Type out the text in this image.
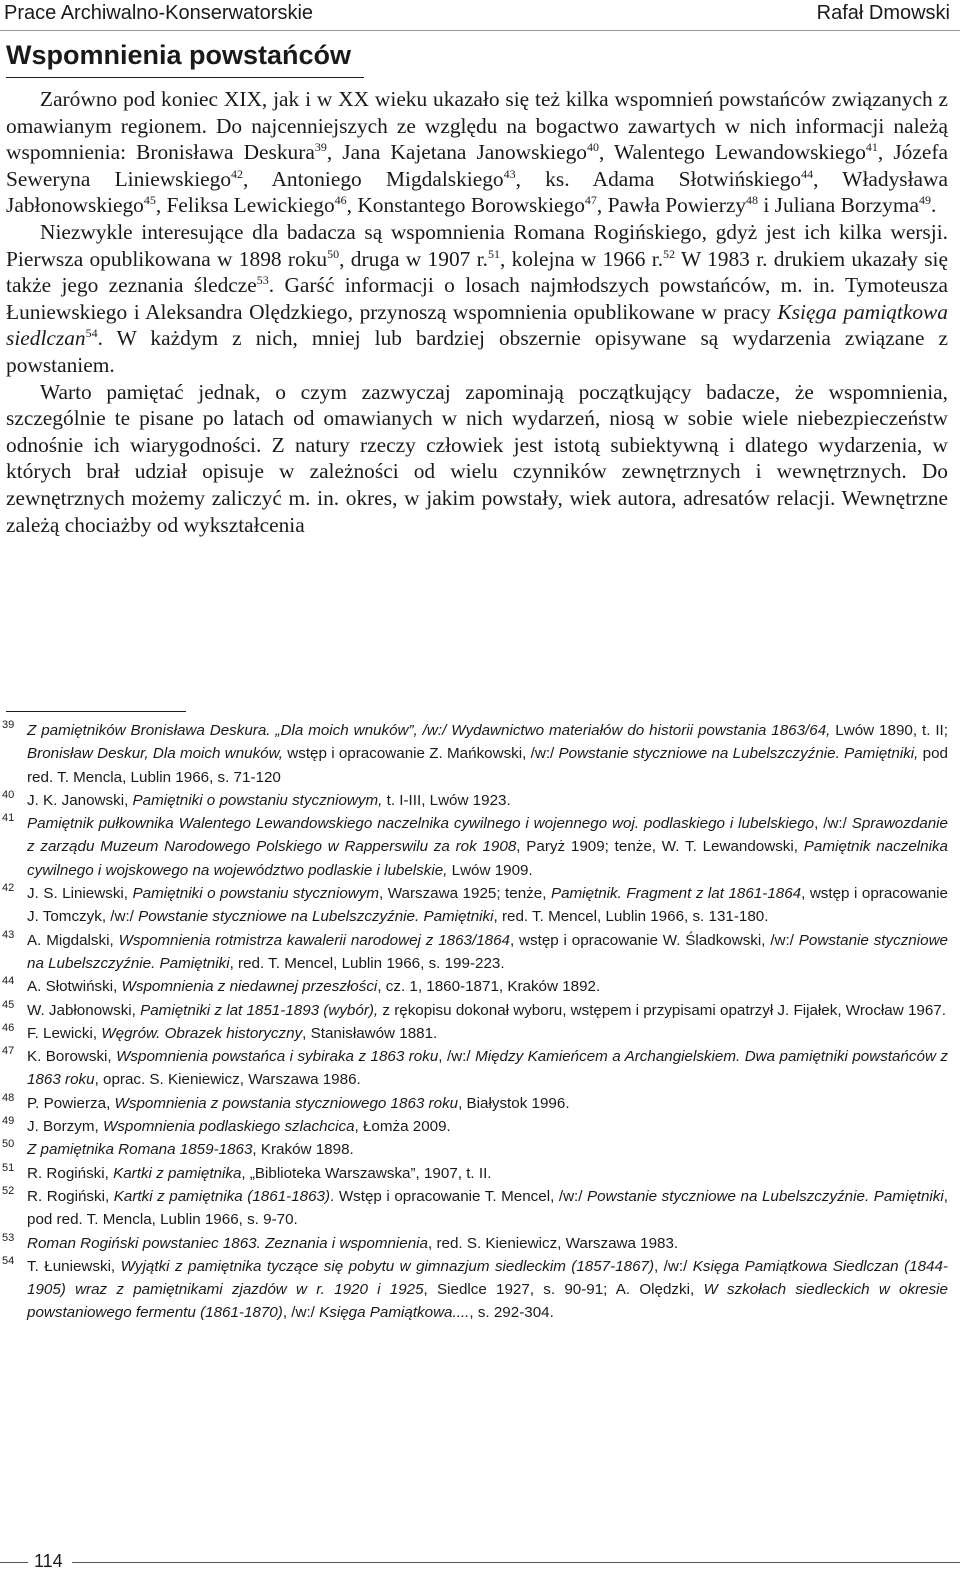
Prace Archiwalno-Konserwatorskie	Rafał Dmowski
Wspomnienia powstańców

Zarówno pod koniec XIX, jak i w XX wieku ukazało się też kilka wspomnień powstańców związanych z omawianym regionem. Do najcenniejszych ze względu na bogactwo zawartych w nich informacji należą wspomnienia: Bronisława Deskura$^{39}$, Jana Kajetana Janowskiego$^{40}$, Walentego Lewandowskiego$^{41}$, Józefa Seweryna Liniewskiego$^{42}$, Antoniego Migdalskiego$^{43}$, ks. Adama Słotwińskiego$^{44}$, Władysława Jabłonowskiego$^{45}$, Feliksa Lewickiego$^{46}$, Konstantego Borowskiego$^{47}$, Pawła Powierzy$^{48}$ i Juliana Borzyma$^{49}$.

Niezwykle interesujące dla badacza są wspomnienia Romana Rogińskiego, gdyż jest ich kilka wersji. Pierwsza opublikowana w 1898 roku$^{50}$, druga w 1907 r.$^{51}$, kolejna w 1966 r.$^{52}$ W 1983 r. drukiem ukazały się także jego zeznania śledcze$^{53}$. Garść informacji o losach najmłodszych powstańców, m. in. Tymoteusza Łuniewskiego i Aleksandra Olędzkiego, przynoszą wspomnienia opublikowane w pracy Księga pamiątkowa siedlczan$^{54}$. W każdym z nich, mniej lub bardziej obszernie opisywane są wydarzenia związane z powstaniem.

Warto pamiętać jednak, o czym zazwyczaj zapominają początkujący badacze, że wspomnienia, szczególnie te pisane po latach od omawianych w nich wydarzeń, niosą w sobie wiele niebezpieczeństw odnośnie ich wiarygodności. Z natury rzeczy człowiek jest istotą subiektywną i dlatego wydarzenia, w których brał udział opisuje w zależności od wielu czynników zewnętrznych i wewnętrznych. Do zewnętrznych możemy zaliczyć m. in. okres, w jakim powstały, wiek autora, adresatów relacji. Wewnętrzne zależą chociażby od wykształcenia

39 Z pamiętników Bronisława Deskura. „Dla moich wnuków”, /w:/ Wydawnictwo materiałów do historii powstania 1863/64, Lwów 1890, t. II; Bronisław Deskur, Dla moich wnuków, wstęp i opracowanie Z. Mańkowski, /w:/ Powstanie styczniowe na Lubelszczyźnie. Pamiętniki, pod red. T. Mencla, Lublin 1966, s. 71-120
40 J. K. Janowski, Pamiętniki o powstaniu styczniowym, t. I-III, Lwów 1923.
41 Pamiętnik pułkownika Walentego Lewandowskiego naczelnika cywilnego i wojennego woj. podlaskiego i lubelskiego, /w:/ Sprawozdanie z zarządu Muzeum Narodowego Polskiego w Rapperswilu za rok 1908, Paryż 1909; tenże, W. T. Lewandowski, Pamiętnik naczelnika cywilnego i wojskowego na województwo podlaskie i lubelskie, Lwów 1909.
42 J. S. Liniewski, Pamiętniki o powstaniu styczniowym, Warszawa 1925; tenże, Pamiętnik. Fragment z lat 1861-1864, wstęp i opracowanie J. Tomczyk, /w:/ Powstanie styczniowe na Lubelszczyźnie. Pamiętniki, red. T. Mencel, Lublin 1966, s. 131-180.
43 A. Migdalski, Wspomnienia rotmistrza kawalerii narodowej z 1863/1864, wstęp i opracowanie W. Śladkowski, /w:/ Powstanie styczniowe na Lubelszczyźnie. Pamiętniki, red. T. Mencel, Lublin 1966, s. 199-223.
44 A. Słotwiński, Wspomnienia z niedawnej przeszłości, cz. 1, 1860-1871, Kraków 1892.
45 W. Jabłonowski, Pamiętniki z lat 1851-1893 (wybór), z rękopisu dokonał wyboru, wstępem i przypisami opatrzył J. Fijałek, Wrocław 1967.
46 F. Lewicki, Węgrów. Obrazek historyczny, Stanisławów 1881.
47 K. Borowski, Wspomnienia powstańca i sybiraka z 1863 roku, /w:/ Między Kamieńcem a Archangielskiem. Dwa pamiętniki powstańców z 1863 roku, oprac. S. Kieniewicz, Warszawa 1986.
48 P. Powierza, Wspomnienia z powstania styczniowego 1863 roku, Białystok 1996.
49 J. Borzym, Wspomnienia podlaskiego szlachcica, Łomża 2009.
50 Z pamiętnika Romana 1859-1863, Kraków 1898.
51 R. Rogiński, Kartki z pamiętnika, „Biblioteka Warszawska”, 1907, t. II.
52 R. Rogiński, Kartki z pamiętnika (1861-1863). Wstęp i opracowanie T. Mencel, /w:/ Powstanie styczniowe na Lubelszczyźnie. Pamiętniki, pod red. T. Mencla, Lublin 1966, s. 9-70.
53 Roman Rogiński powstaniec 1863. Zeznania i wspomnienia, red. S. Kieniewicz, Warszawa 1983.
54 T. Łuniewski, Wyjątki z pamiętnika tyczące się pobytu w gimnazjum siedleckim (1857-1867), /w:/ Księga Pamiątkowa Siedlczan (1844-1905) wraz z pamiętnikami zjazdów w r. 1920 i 1925, Siedlce 1927, s. 90-91; A. Olędzki, W szkołach siedleckich w okresie powstaniowego fermentu (1861-1870), /w:/ Księga Pamiątkowa...., s. 292-304.
114
